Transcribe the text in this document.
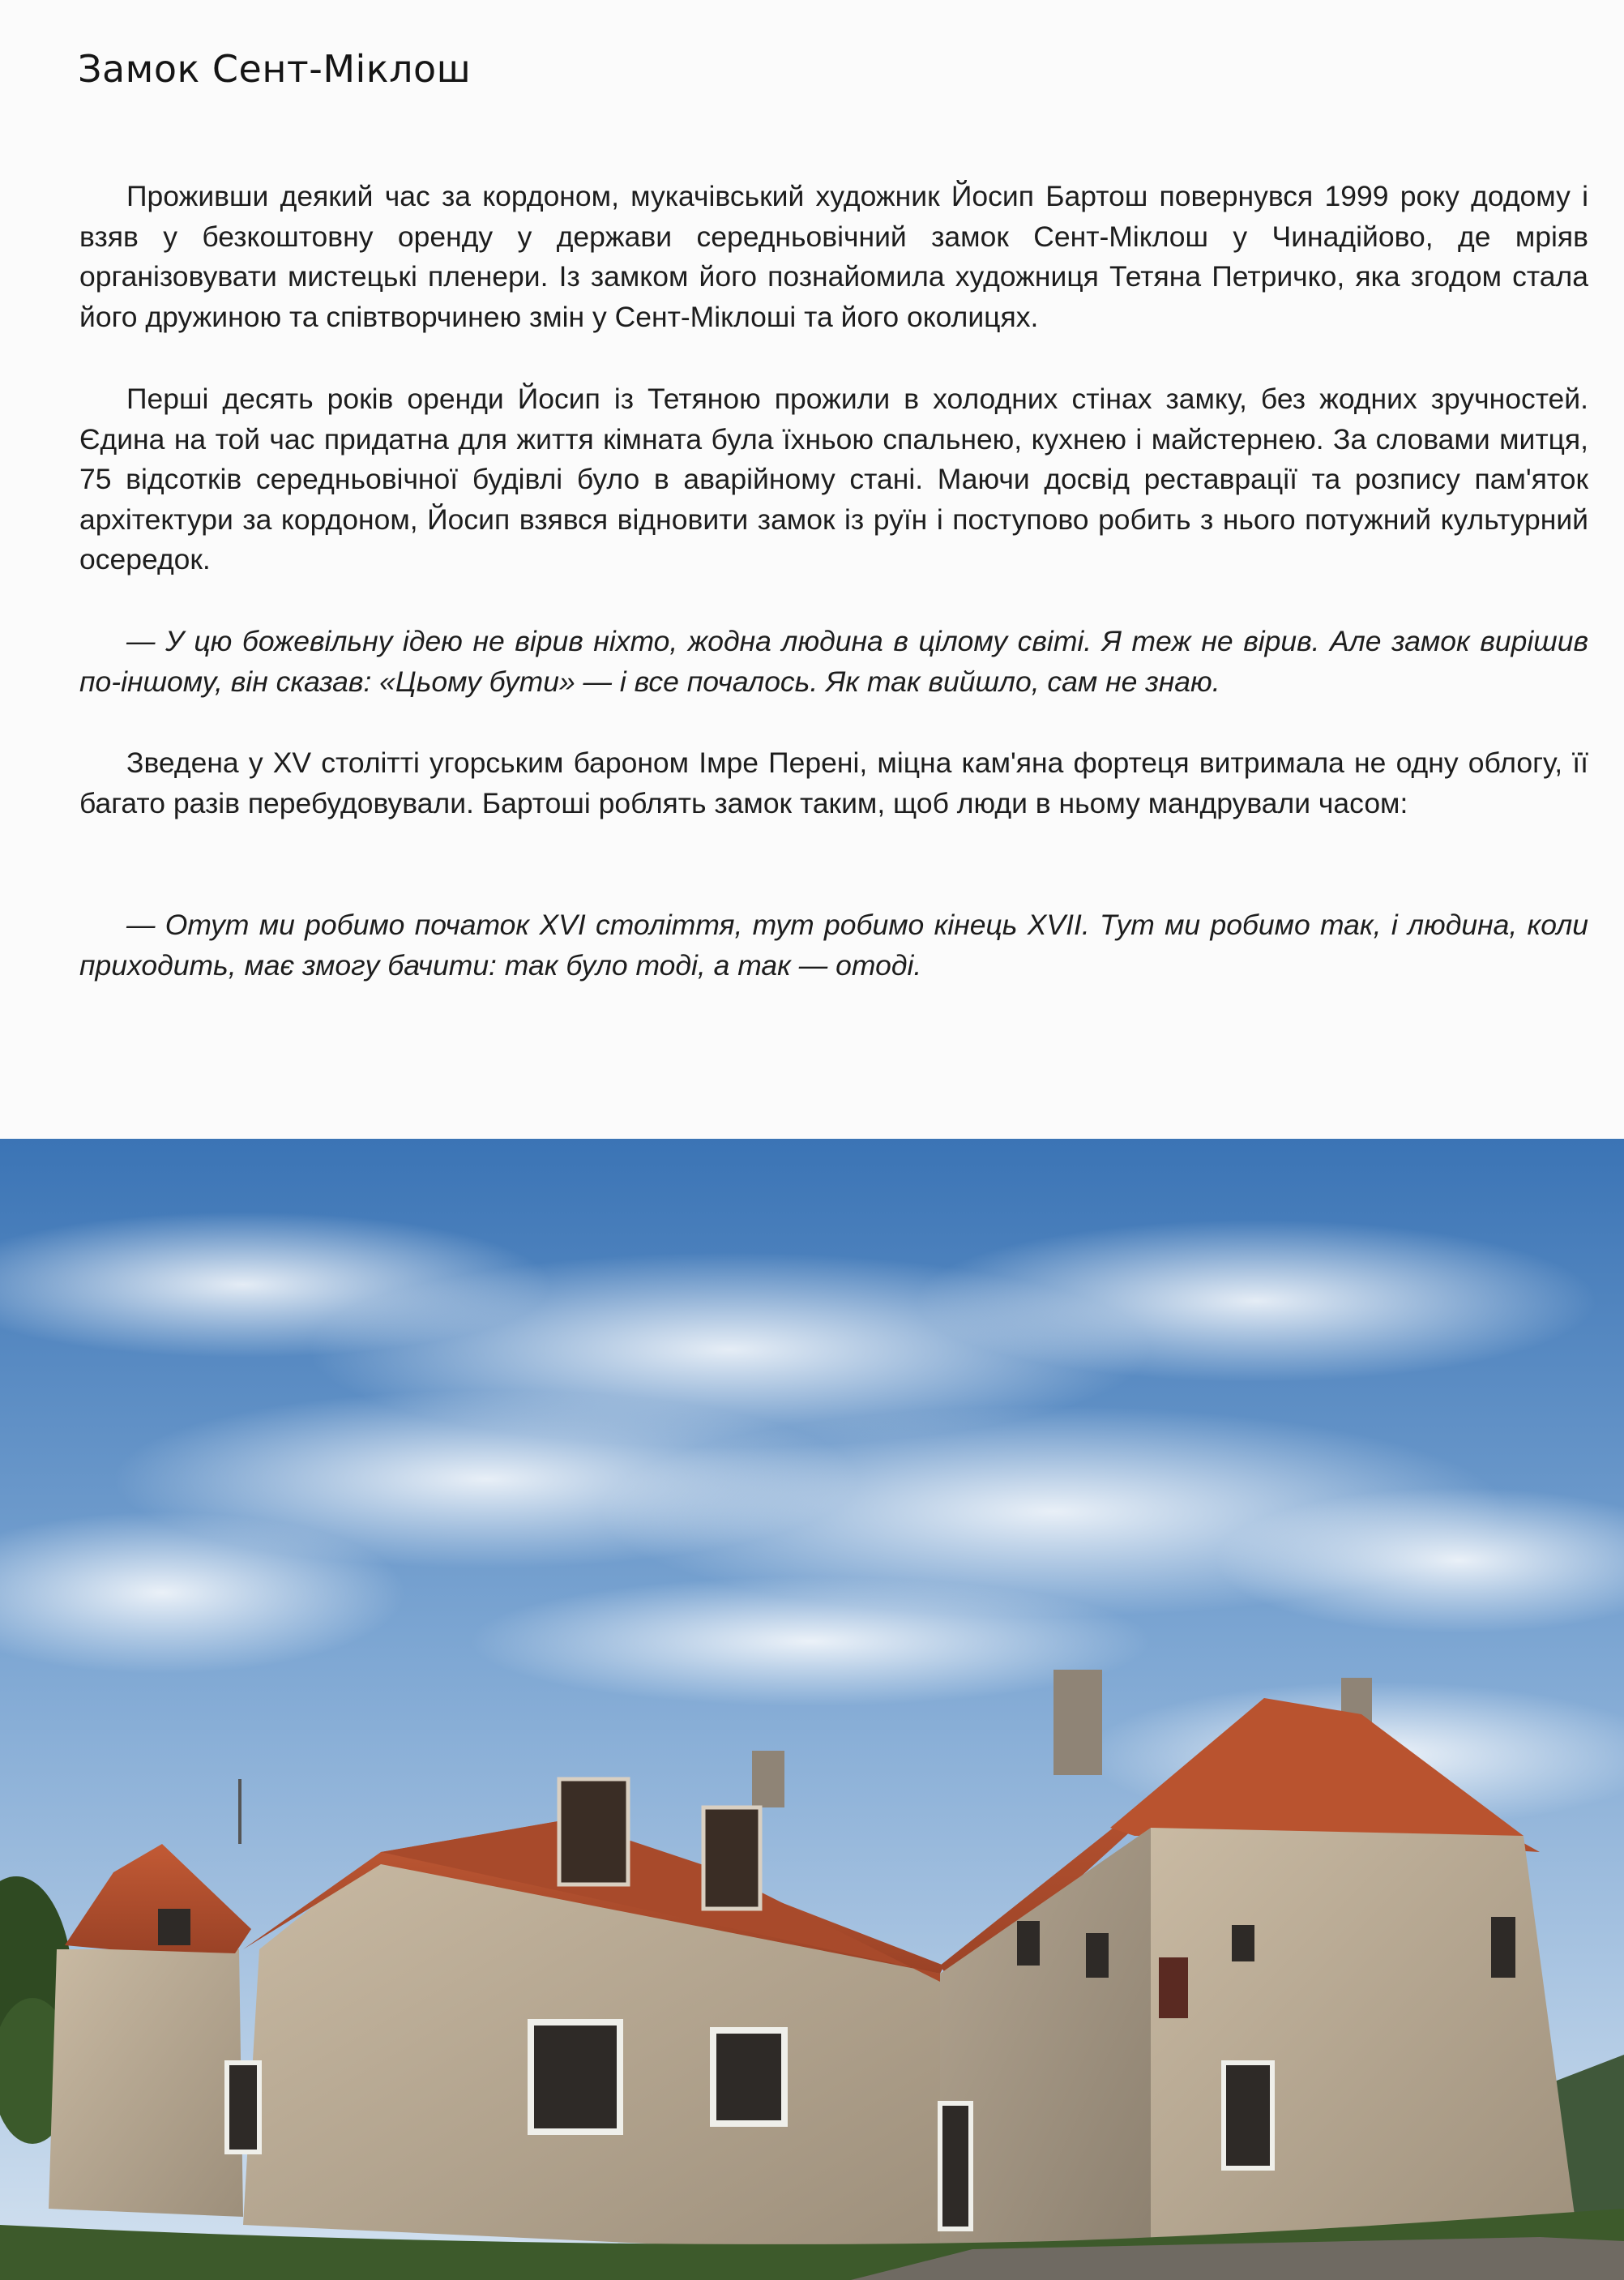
Замок Сент-Міклош

Проживши деякий час за кордоном, мукачівський художник Йосип Бартош повернувся 1999 року додому і взяв у безкоштовну оренду у держави середньовічний замок Сент-Міклош у Чинадійово, де мріяв організовувати мистецькі пленери. Із замком його познайомила художниця Тетяна Петричко, яка згодом стала його дружиною та співтворчинею змін у Сент-Міклоші та його околицях.

Перші десять років оренди Йосип із Тетяною прожили в холодних стінах замку, без жодних зручностей. Єдина на той час придатна для життя кімната була їхньою спальнею, кухнею і майстернею. За словами митця, 75 відсотків середньовічної будівлі було в аварійному стані. Маючи досвід реставрації та розпису пам'яток архітектури за кордоном, Йосип взявся відновити замок із руїн і поступово робить з нього потужний культурний осередок.

— У цю божевільну ідею не вірив ніхто, жодна людина в цілому світі. Я теж не вірив. Але замок вирішив по-іншому, він сказав: «Цьому бути» — і все почалось. Як так вийшло, сам не знаю.

Зведена у XV столітті угорським бароном Імре Перені, міцна кам'яна фортеця витримала не одну облогу, її багато разів перебудовували. Бартоші роблять замок таким, щоб люди в ньому мандрували часом:

— Отут ми робимо початок XVI століття, тут робимо кінець XVII. Тут ми робимо так, і людина, коли приходить, має змогу бачити: так було тоді, а так — отоді.
